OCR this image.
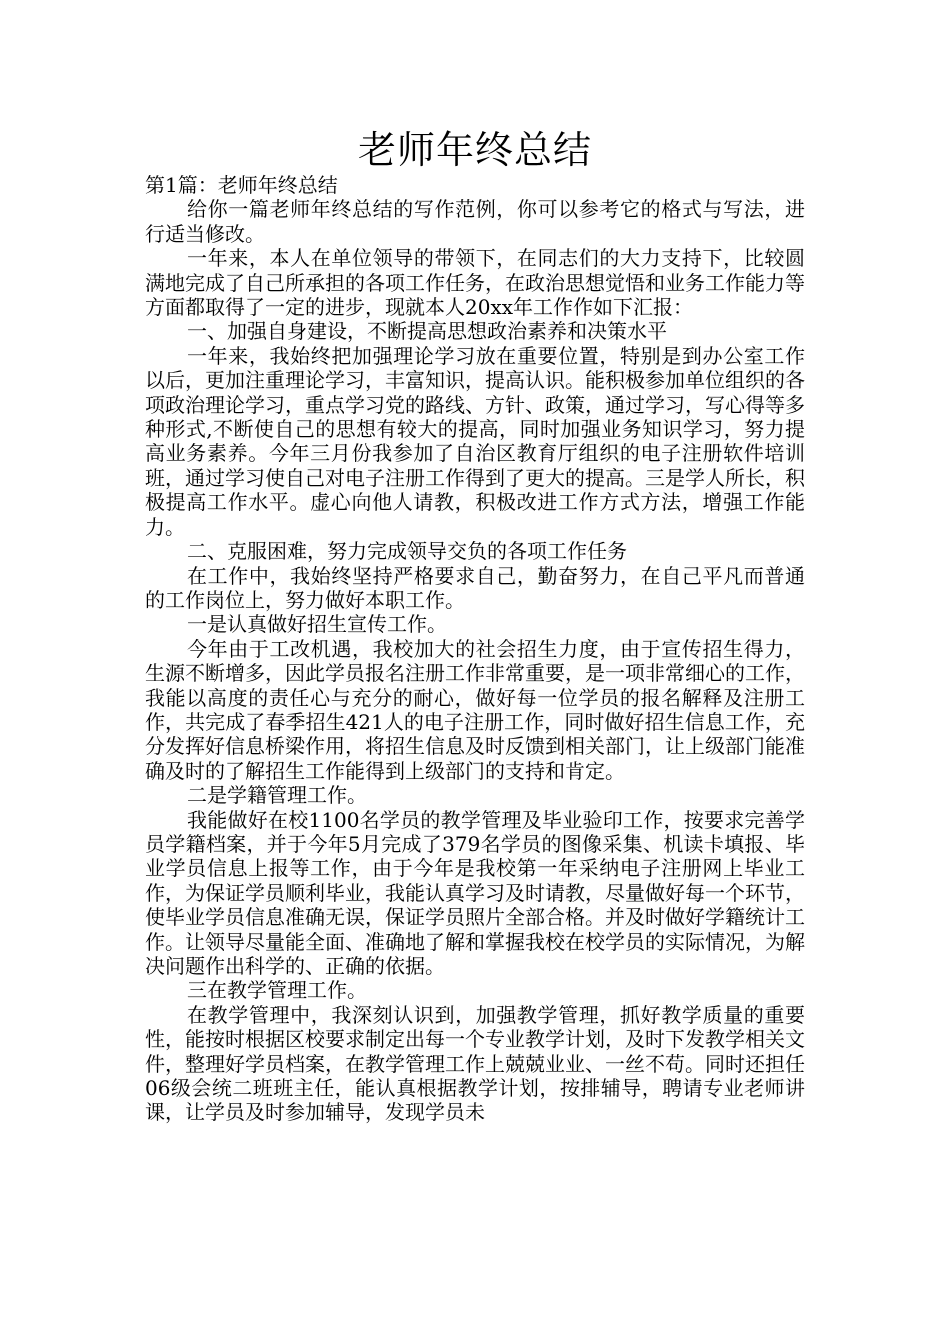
老师年终总结

第1篇：老师年终总结

给你一篇老师年终总结的写作范例，你可以参考它的格式与写法，进行适当修改。

一年来，本人在单位领导的带领下，在同志们的大力支持下，比较圆满地完成了自己所承担的各项工作任务，在政治思想觉悟和业务工作能力等方面都取得了一定的进步，现就本人20xx年工作作如下汇报：

一、加强自身建设，不断提高思想政治素养和决策水平

一年来，我始终把加强理论学习放在重要位置，特别是到办公室工作以后，更加注重理论学习，丰富知识，提高认识。能积极参加单位组织的各项政治理论学习，重点学习党的路线、方针、政策，通过学习，写心得等多种形式,不断使自己的思想有较大的提高，同时加强业务知识学习，努力提高业务素养。今年三月份我参加了自治区教育厅组织的电子注册软件培训班，通过学习使自己对电子注册工作得到了更大的提高。三是学人所长，积极提高工作水平。虚心向他人请教，积极改进工作方式方法，增强工作能力。

二、克服困难，努力完成领导交负的各项工作任务

在工作中，我始终坚持严格要求自己，勤奋努力，在自己平凡而普通的工作岗位上，努力做好本职工作。

一是认真做好招生宣传工作。

今年由于工改机遇，我校加大的社会招生力度，由于宣传招生得力，生源不断增多，因此学员报名注册工作非常重要，是一项非常细心的工作，我能以高度的责任心与充分的耐心，做好每一位学员的报名解释及注册工作，共完成了春季招生421人的电子注册工作，同时做好招生信息工作，充分发挥好信息桥梁作用，将招生信息及时反馈到相关部门，让上级部门能准确及时的了解招生工作能得到上级部门的支持和肯定。

二是学籍管理工作。

我能做好在校1100名学员的教学管理及毕业验印工作，按要求完善学员学籍档案，并于今年5月完成了379名学员的图像采集、机读卡填报、毕业学员信息上报等工作，由于今年是我校第一年采纳电子注册网上毕业工作，为保证学员顺利毕业，我能认真学习及时请教，尽量做好每一个环节，使毕业学员信息准确无误，保证学员照片全部合格。并及时做好学籍统计工作。让领导尽量能全面、准确地了解和掌握我校在校学员的实际情况，为解决问题作出科学的、正确的依据。

三在教学管理工作。

在教学管理中，我深刻认识到，加强教学管理，抓好教学质量的重要性，能按时根据区校要求制定出每一个专业教学计划，及时下发教学相关文件，整理好学员档案，在教学管理工作上兢兢业业、一丝不苟。同时还担任06级会统二班班主任，能认真根据教学计划，按排辅导，聘请专业老师讲课，让学员及时参加辅导，发现学员未
